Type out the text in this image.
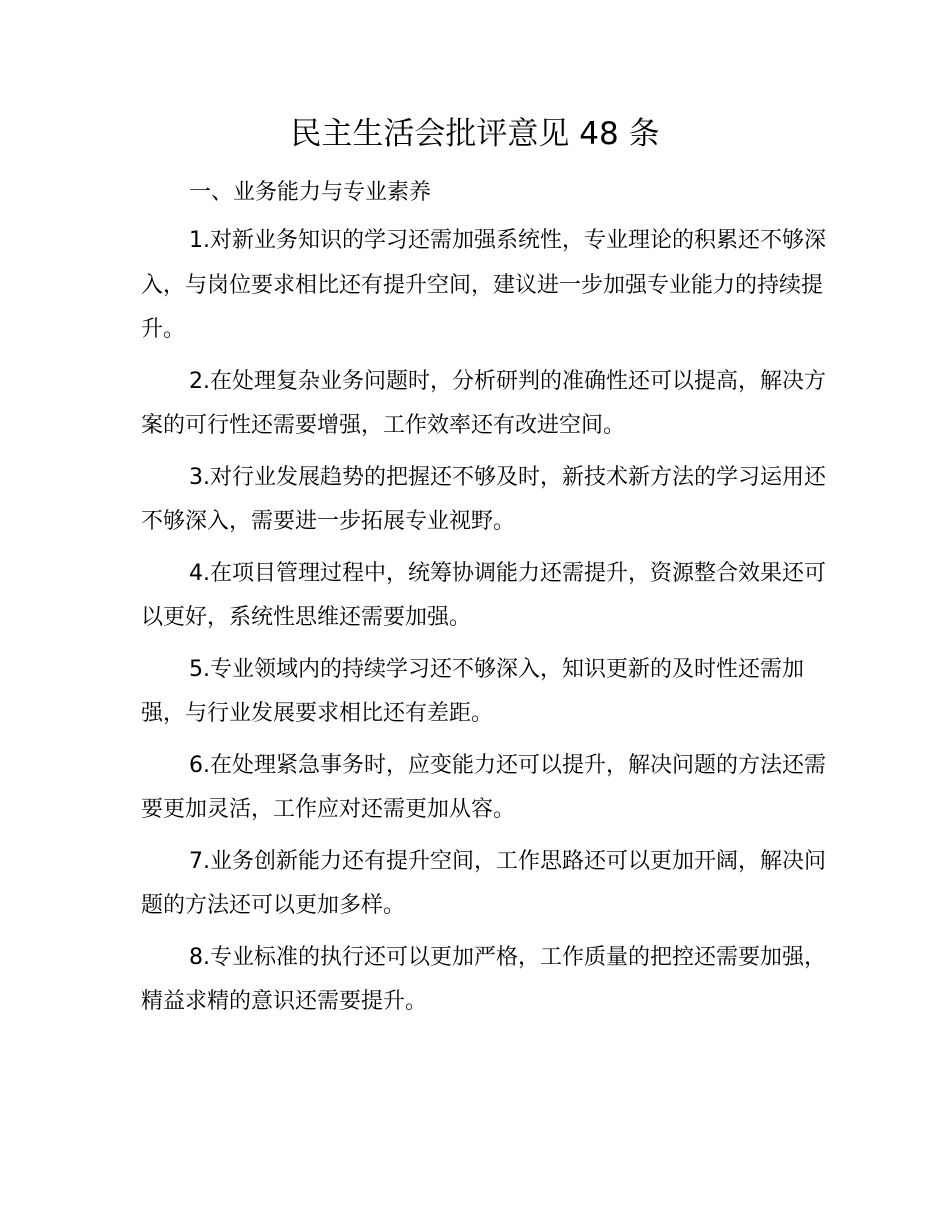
民主生活会批评意见 48 条
一、业务能力与专业素养

1.对新业务知识的学习还需加强系统性，专业理论的积累还不够深入，与岗位要求相比还有提升空间，建议进一步加强专业能力的持续提升。

2.在处理复杂业务问题时，分析研判的准确性还可以提高，解决方案的可行性还需要增强，工作效率还有改进空间。

3.对行业发展趋势的把握还不够及时，新技术新方法的学习运用还不够深入，需要进一步拓展专业视野。

4.在项目管理过程中，统筹协调能力还需提升，资源整合效果还可以更好，系统性思维还需要加强。

5.专业领域内的持续学习还不够深入，知识更新的及时性还需加强，与行业发展要求相比还有差距。

6.在处理紧急事务时，应变能力还可以提升，解决问题的方法还需要更加灵活，工作应对还需更加从容。

7.业务创新能力还有提升空间，工作思路还可以更加开阔，解决问题的方法还可以更加多样。

8.专业标准的执行还可以更加严格，工作质量的把控还需要加强，精益求精的意识还需要提升。
